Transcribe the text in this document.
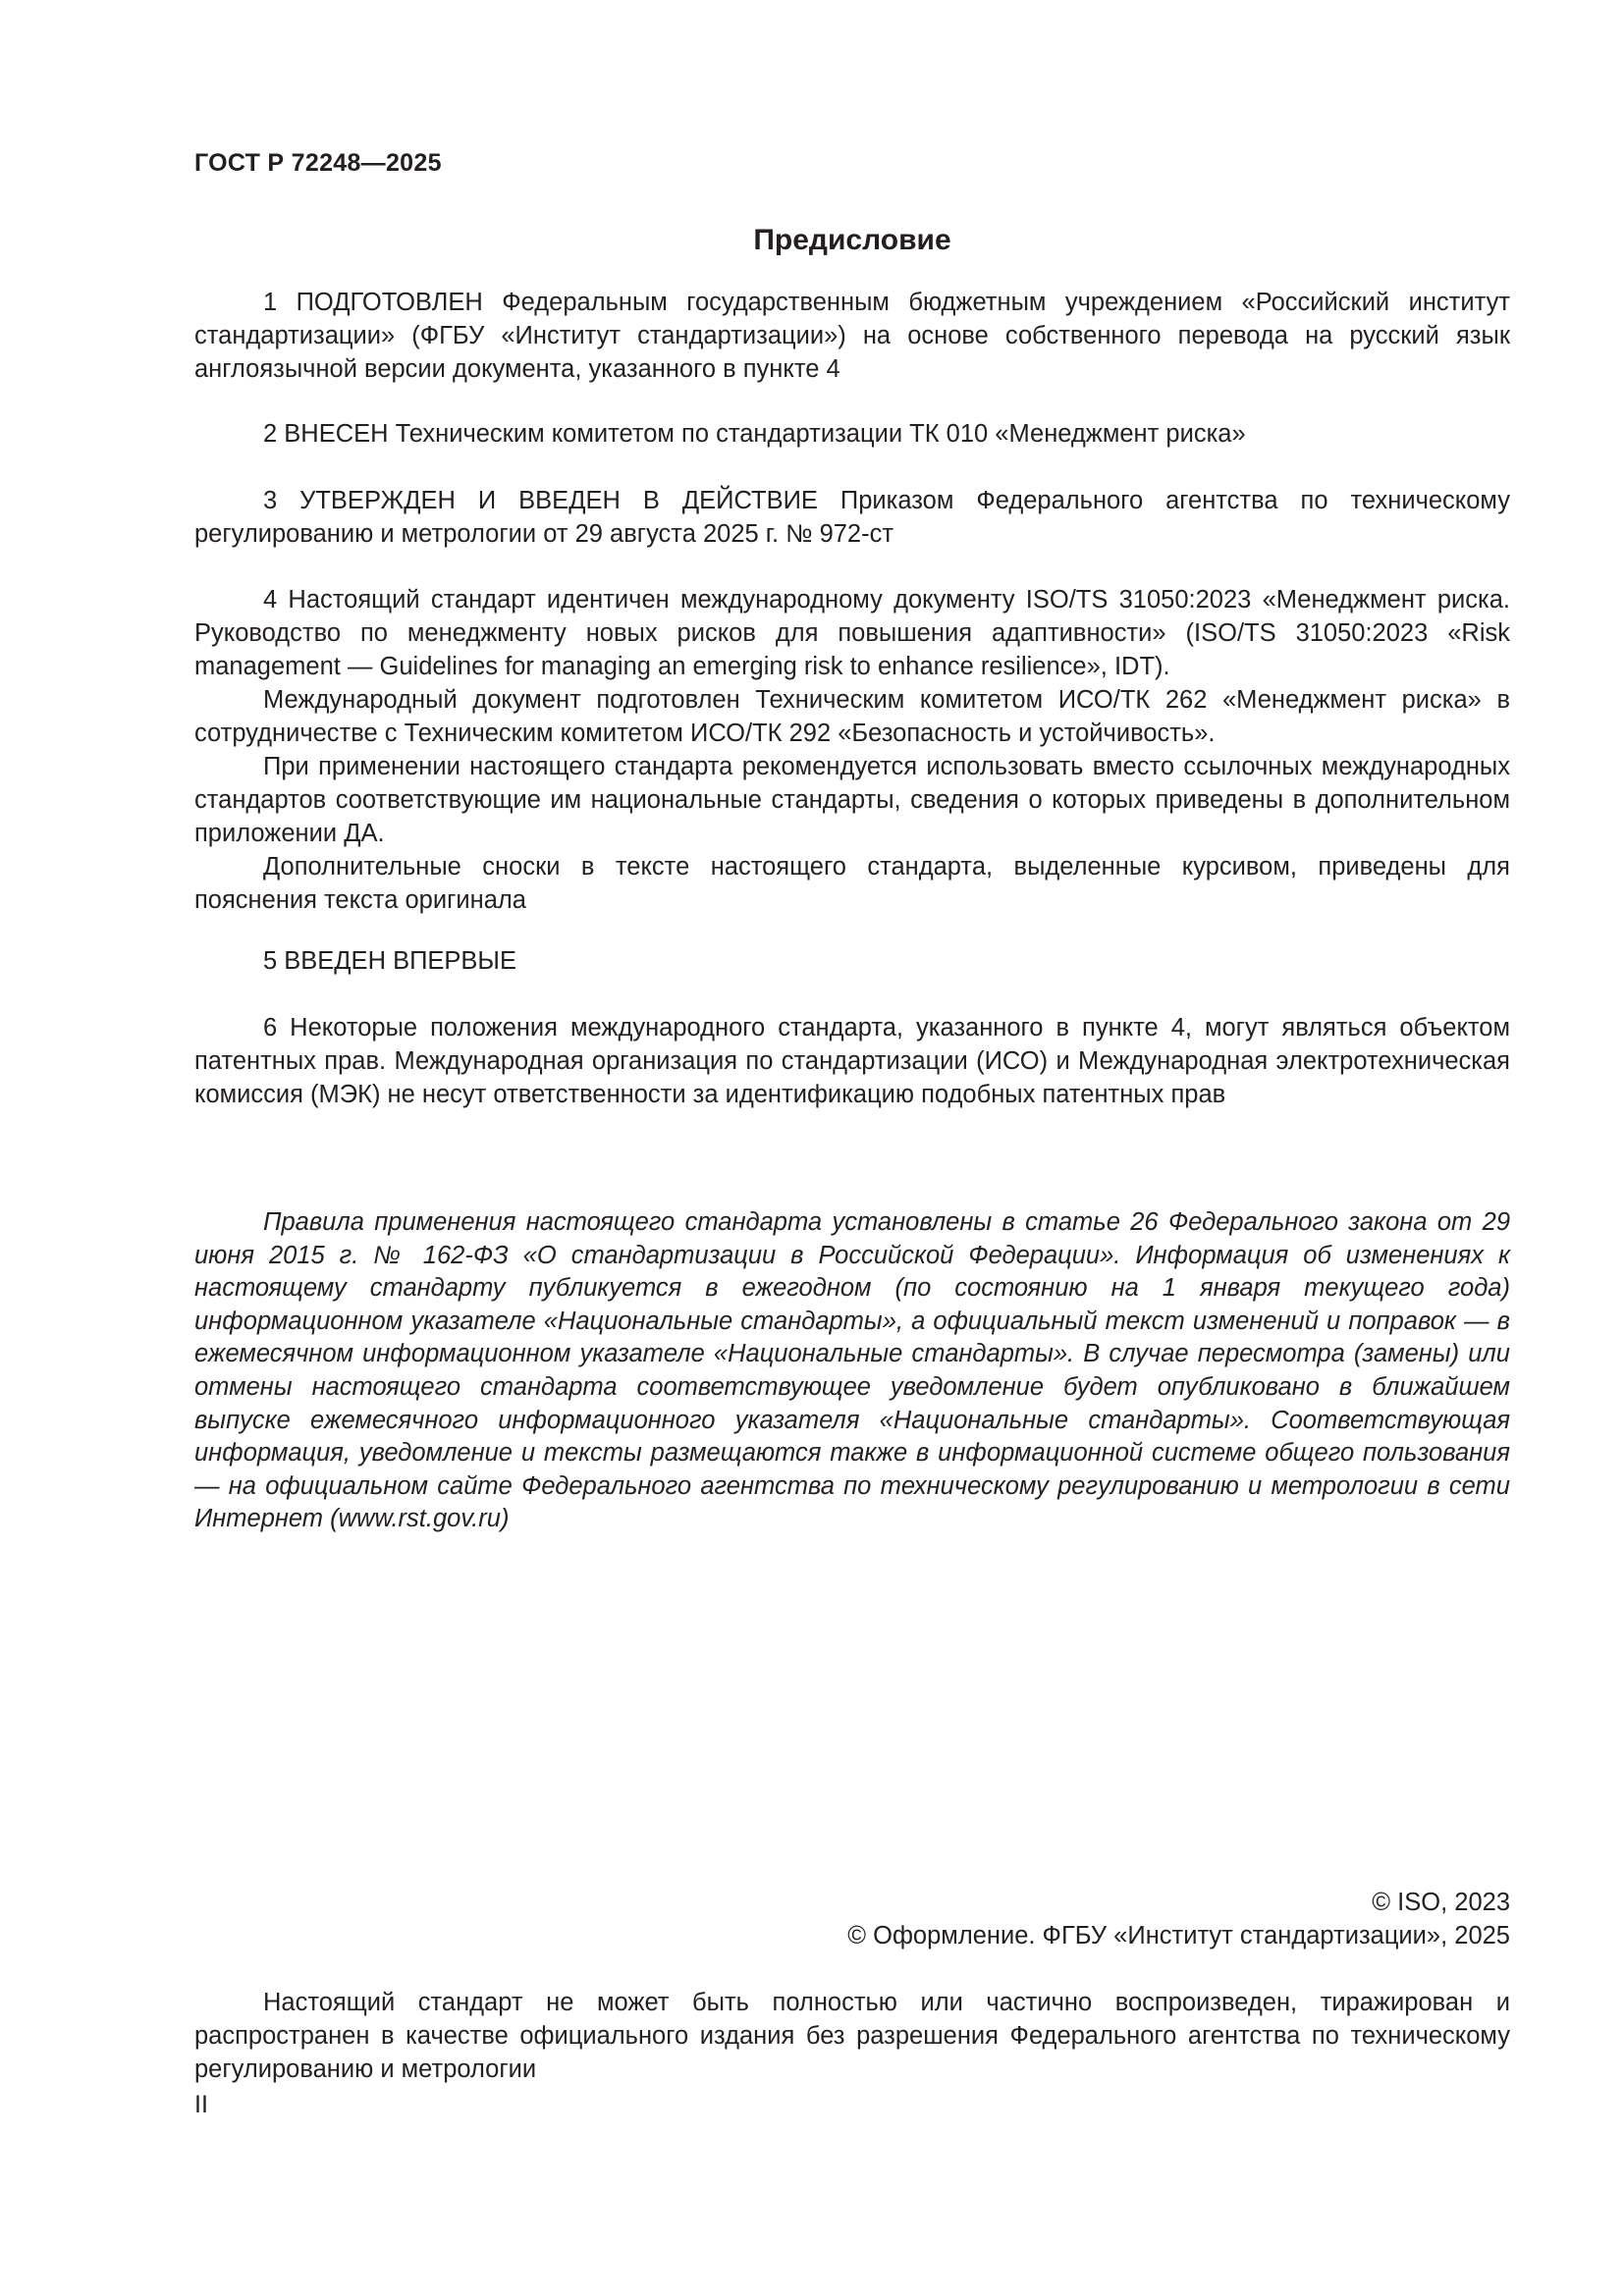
ГОСТ Р 72248—2025
Предисловие

1 ПОДГОТОВЛЕН Федеральным государственным бюджетным учреждением «Российский институт стандартизации» (ФГБУ «Институт стандартизации») на основе собственного перевода на русский язык англоязычной версии документа, указанного в пункте 4

2 ВНЕСЕН Техническим комитетом по стандартизации ТК 010 «Менеджмент риска»

3 УТВЕРЖДЕН И ВВЕДЕН В ДЕЙСТВИЕ Приказом Федерального агентства по техническому регулированию и метрологии от 29 августа 2025 г. № 972-ст

4 Настоящий стандарт идентичен международному документу ISO/TS 31050:2023 «Менеджмент риска. Руководство по менеджменту новых рисков для повышения адаптивности» (ISO/TS 31050:2023 «Risk management — Guidelines for managing an emerging risk to enhance resilience», IDT).

Международный документ подготовлен Техническим комитетом ИСО/ТК 262 «Менеджмент риска» в сотрудничестве с Техническим комитетом ИСО/ТК 292 «Безопасность и устойчивость».

При применении настоящего стандарта рекомендуется использовать вместо ссылочных международных стандартов соответствующие им национальные стандарты, сведения о которых приведены в дополнительном приложении ДА.

Дополнительные сноски в тексте настоящего стандарта, выделенные курсивом, приведены для пояснения текста оригинала

5 ВВЕДЕН ВПЕРВЫЕ

6 Некоторые положения международного стандарта, указанного в пункте 4, могут являться объектом патентных прав. Международная организация по стандартизации (ИСО) и Международная электротехническая комиссия (МЭК) не несут ответственности за идентификацию подобных патентных прав

Правила применения настоящего стандарта установлены в статье 26 Федерального закона от 29 июня 2015 г. № 162-ФЗ «О стандартизации в Российской Федерации». Информация об изменениях к настоящему стандарту публикуется в ежегодном (по состоянию на 1 января текущего года) информационном указателе «Национальные стандарты», а официальный текст изменений и поправок — в ежемесячном информационном указателе «Национальные стандарты». В случае пересмотра (замены) или отмены настоящего стандарта соответствующее уведомление будет опубликовано в ближайшем выпуске ежемесячного информационного указателя «Национальные стандарты». Соответствующая информация, уведомление и тексты размещаются также в информационной системе общего пользования — на официальном сайте Федерального агентства по техническому регулированию и метрологии в сети Интернет (www.rst.gov.ru)

© ISO, 2023
© Оформление. ФГБУ «Институт стандартизации», 2025

Настоящий стандарт не может быть полностью или частично воспроизведен, тиражирован и распространен в качестве официального издания без разрешения Федерального агентства по техническому регулированию и метрологии

II
